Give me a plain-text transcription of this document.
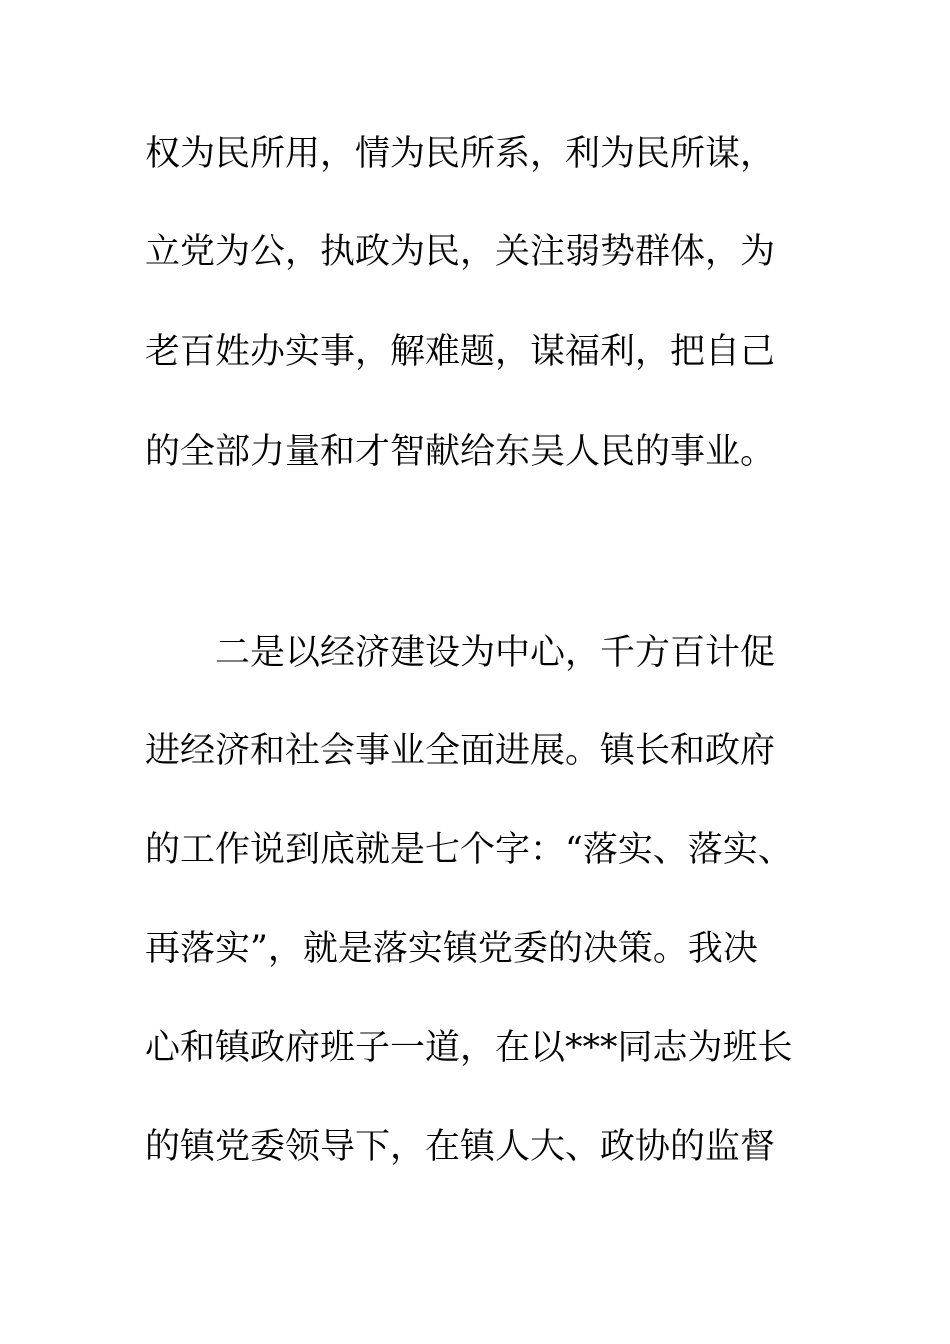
权为民所用，情为民所系，利为民所谋，
立党为公，执政为民，关注弱势群体，为
老百姓办实事，解难题，谋福利，把自己
的全部力量和才智献给东吴人民的事业。
二是以经济建设为中心，千方百计促
进经济和社会事业全面进展。镇长和政府
的工作说到底就是七个字：“落实、落实、
再落实”，就是落实镇党委的决策。我决
心和镇政府班子一道，在以***同志为班长
的镇党委领导下，在镇人大、政协的监督
